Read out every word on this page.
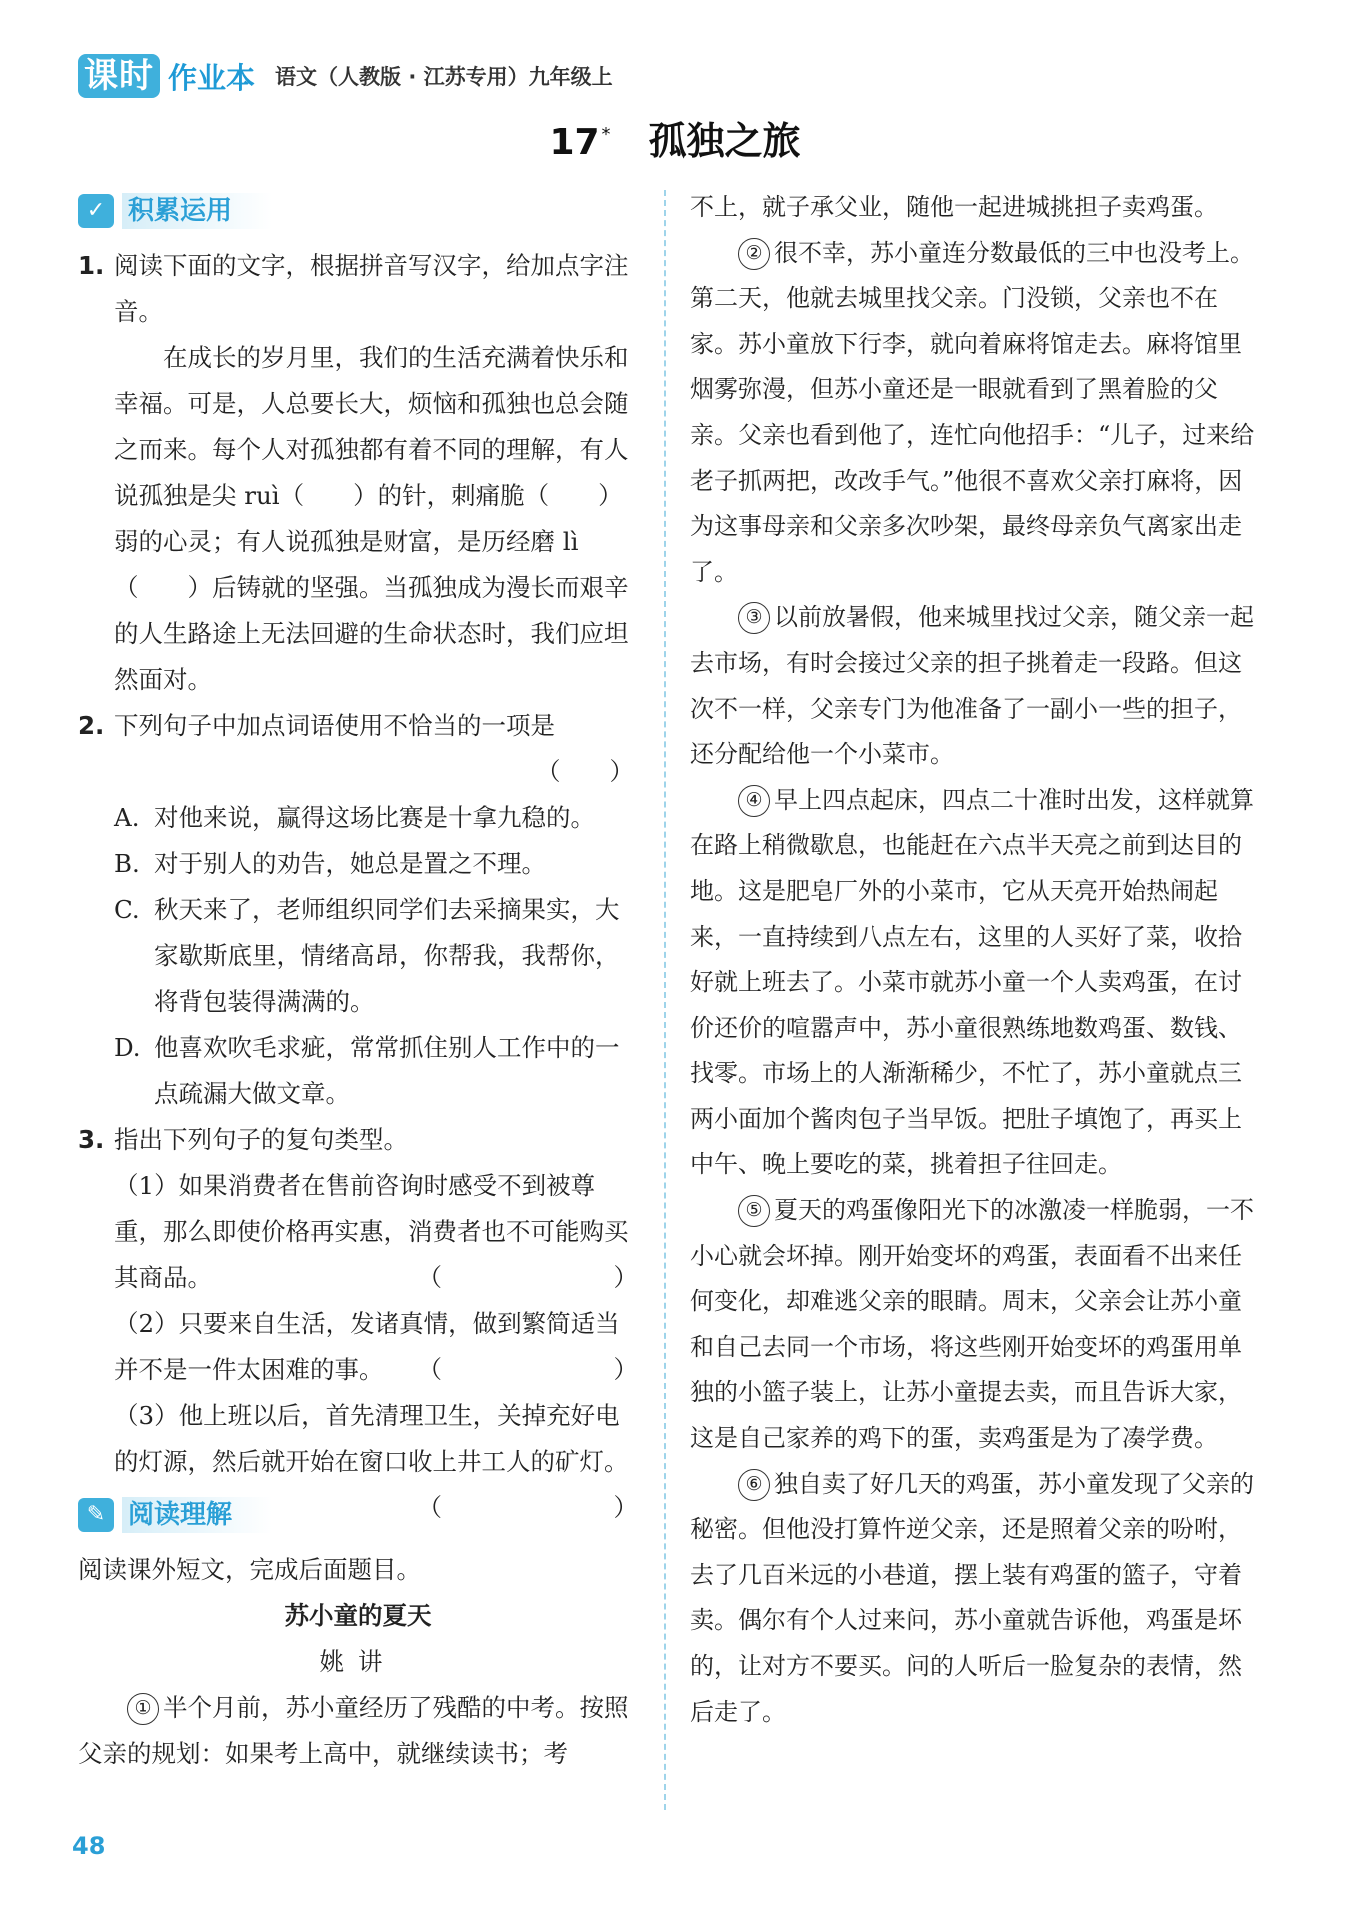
课时 作业本 语文（人教版 · 江苏专用）九年级上
17 * 孤独之旅
✓ 积累运用
1. 阅读下面的文字，根据拼音写汉字，给加点字注音。
在成长的岁月里，我们的生活充满着快乐和幸福。可是，人总要长大，烦恼和孤独也总会随之而来。每个人对孤独都有着不同的理解，有人说孤独是尖 ruì（　　）的针，刺痛脆（　　）弱的心灵；有人说孤独是财富，是历经磨 lì（　　）后铸就的坚强。当孤独成为漫长而艰辛的人生路途上无法回避的生命状态时，我们应坦然面对。
2. 下列句子中加点词语使用不恰当的一项是
（　　）
A. 对他来说，赢得这场比赛是十拿九稳的。
B. 对于别人的劝告，她总是置之不理。
C. 秋天来了，老师组织同学们去采摘果实，大家歇斯底里，情绪高昂，你帮我，我帮你，将背包装得满满的。
D. 他喜欢吹毛求疵，常常抓住别人工作中的一点疏漏大做文章。
3. 指出下列句子的复句类型。
（1）如果消费者在售前咨询时感受不到被尊重，那么即使价格再实惠，消费者也不可能购买其商品。	（　　　　　　　）
（2）只要来自生活，发诸真情，做到繁简适当并不是一件太困难的事。 （　　　　　　　）
（3）他上班以后，首先清理卫生，关掉充好电的灯源，然后就开始在窗口收上井工人的矿灯。
（　　　　　　　）
✎ 阅读理解
阅读课外短文，完成后面题目。
苏小童的夏天
姚讲
① 半个月前，苏小童经历了残酷的中考。按照父亲的规划：如果考上高中，就继续读书；考
不上，就子承父业，随他一起进城挑担子卖鸡蛋。
② 很不幸，苏小童连分数最低的三中也没考上。第二天，他就去城里找父亲。门没锁，父亲也不在家。苏小童放下行李，就向着麻将馆走去。麻将馆里烟雾弥漫，但苏小童还是一眼就看到了黑着脸的父亲。父亲也看到他了，连忙向他招手：“儿子，过来给老子抓两把，改改手气。”他很不喜欢父亲打麻将，因为这事母亲和父亲多次吵架，最终母亲负气离家出走了。
③ 以前放暑假，他来城里找过父亲，随父亲一起去市场，有时会接过父亲的担子挑着走一段路。但这次不一样，父亲专门为他准备了一副小一些的担子，还分配给他一个小菜市。
④ 早上四点起床，四点二十准时出发，这样就算在路上稍微歇息，也能赶在六点半天亮之前到达目的地。这是肥皂厂外的小菜市，它从天亮开始热闹起来，一直持续到八点左右，这里的人买好了菜，收拾好就上班去了。小菜市就苏小童一个人卖鸡蛋，在讨价还价的喧嚣声中，苏小童很熟练地数鸡蛋、数钱、找零。市场上的人渐渐稀少，不忙了，苏小童就点三两小面加个酱肉包子当早饭。把肚子填饱了，再买上中午、晚上要吃的菜，挑着担子往回走。
⑤ 夏天的鸡蛋像阳光下的冰激凌一样脆弱，一不小心就会坏掉。刚开始变坏的鸡蛋，表面看不出来任何变化，却难逃父亲的眼睛。周末，父亲会让苏小童和自己去同一个市场，将这些刚开始变坏的鸡蛋用单独的小篮子装上，让苏小童提去卖，而且告诉大家，这是自己家养的鸡下的蛋，卖鸡蛋是为了凑学费。
⑥ 独自卖了好几天的鸡蛋，苏小童发现了父亲的秘密。但他没打算忤逆父亲，还是照着父亲的吩咐，去了几百米远的小巷道，摆上装有鸡蛋的篮子，守着卖。偶尔有个人过来问，苏小童就告诉他，鸡蛋是坏的，让对方不要买。问的人听后一脸复杂的表情，然后走了。
48
